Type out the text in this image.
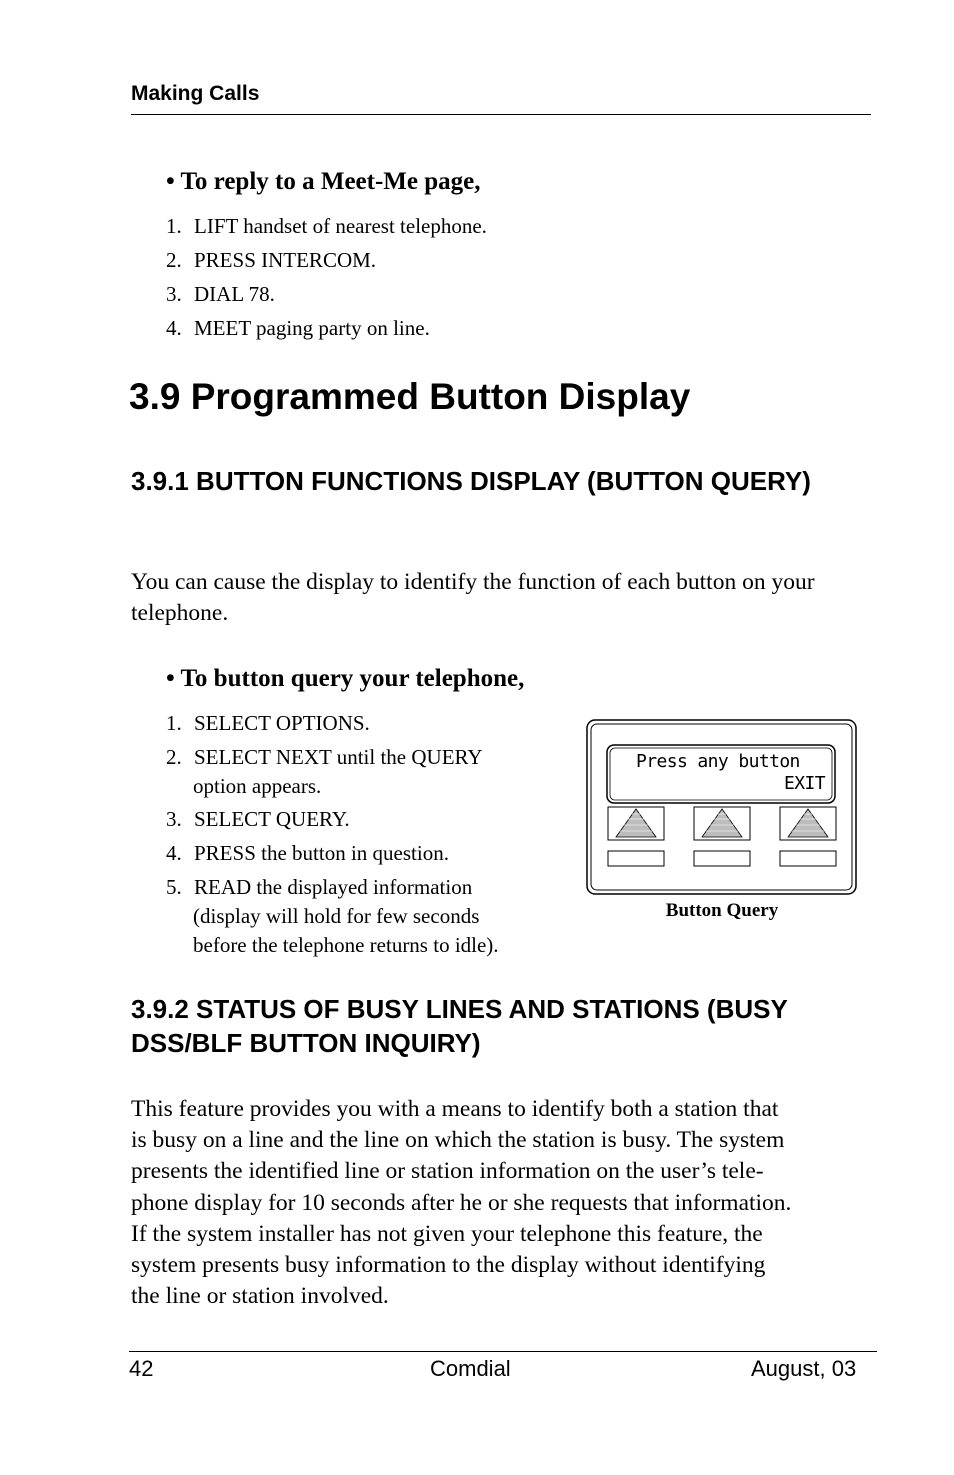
Making Calls
• To reply to a Meet-Me page,
1. LIFT handset of nearest telephone.
2. PRESS INTERCOM.
3. DIAL 78.
4. MEET paging party on line.
3.9 Programmed Button Display
3.9.1 BUTTON FUNCTIONS DISPLAY (BUTTON QUERY)
You can cause the display to identify the function of each button on your telephone.
• To button query your telephone,
1. SELECT OPTIONS.
2. SELECT NEXT until the QUERY
option appears.
3. SELECT QUERY.
4. PRESS the button in question.
5. READ the displayed information
(display will hold for few seconds
before the telephone returns to idle).
Press any button
EXIT
Button Query
3.9.2 STATUS OF BUSY LINES AND STATIONS (BUSY DSS/BLF BUTTON INQUIRY)
This feature provides you with a means to identify both a station that
is busy on a line and the line on which the station is busy. The system
presents the identified line or station information on the user’s tele-
phone display for 10 seconds after he or she requests that information.
If the system installer has not given your telephone this feature, the
system presents busy information to the display without identifying
the line or station involved.
42	Comdial	August, 03
